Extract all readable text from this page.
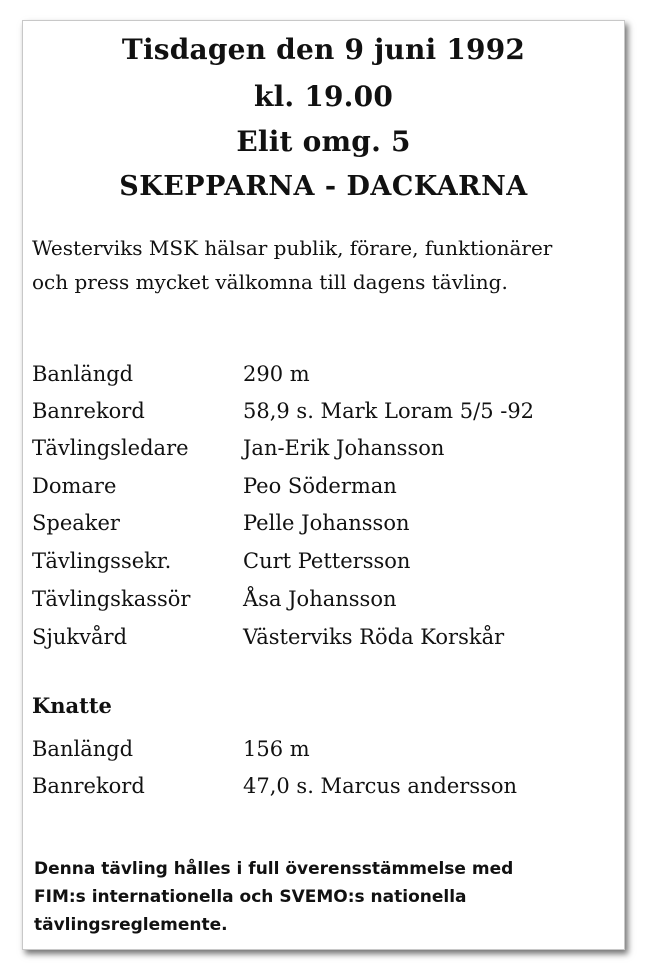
Tisdagen den 9 juni 1992
kl. 19.00
Elit omg. 5
SKEPPARNA - DACKARNA
Westerviks MSK hälsar publik, förare, funktionärer
och press mycket välkomna till dagens tävling.
Banlängd	290 m
Banrekord	58,9 s. Mark Loram 5/5 -92
Tävlingsledare	Jan-Erik Johansson
Domare	Peo Söderman
Speaker	Pelle Johansson
Tävlingssekr.	Curt Pettersson
Tävlingskassör	Åsa Johansson
Sjukvård	Västerviks Röda Korskår
Knatte
Banlängd	156 m
Banrekord	47,0 s. Marcus andersson
Denna tävling hålles i full överensstämmelse med
FIM:s internationella och SVEMO:s nationella
tävlingsreglemente.
